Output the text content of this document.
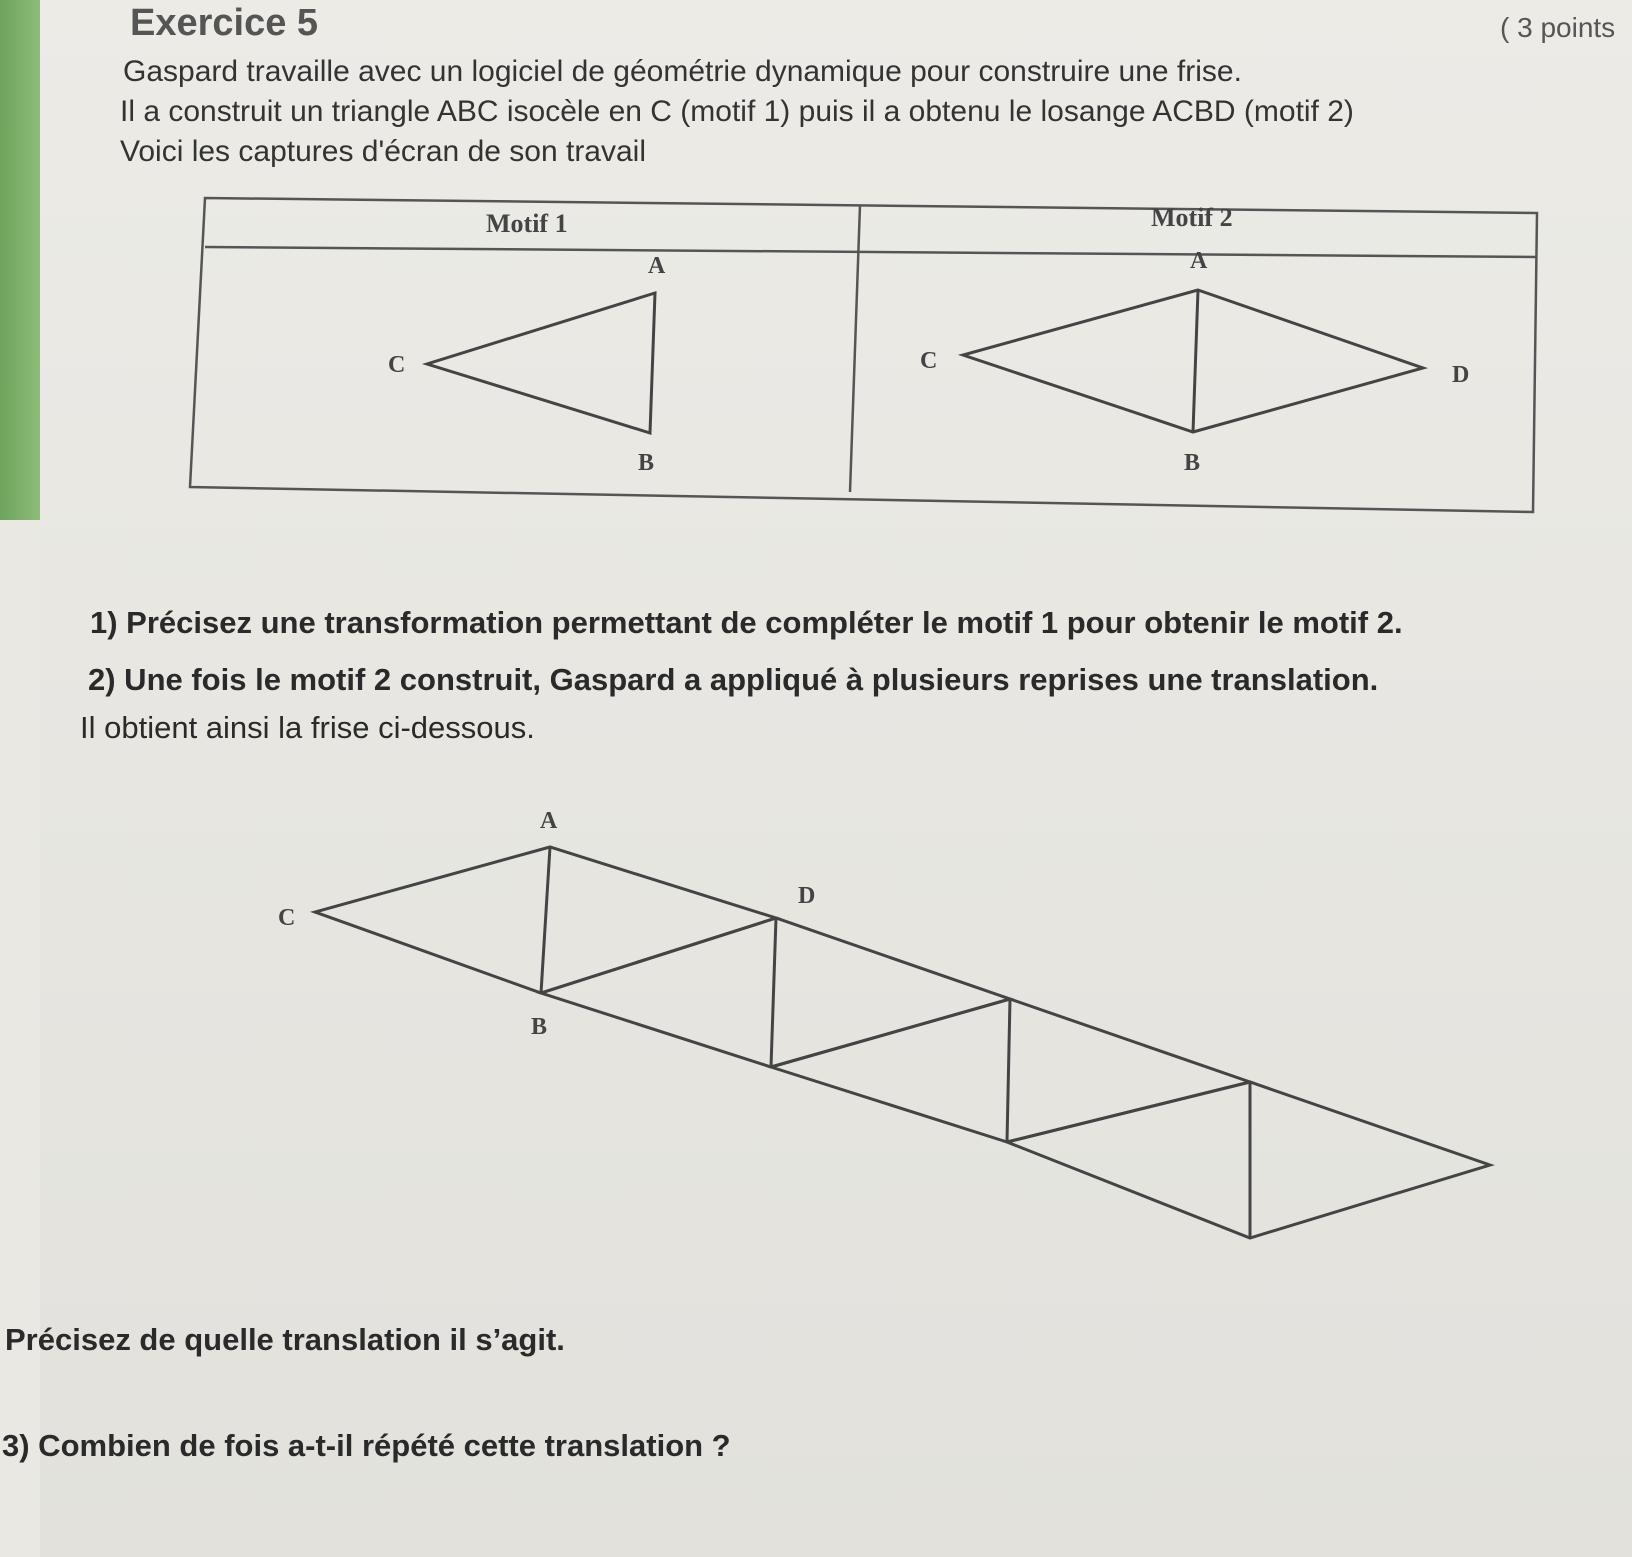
Exercice 5	( 3 points
Gaspard travaille avec un logiciel de géométrie dynamique pour construire une frise.
Il a construit un triangle ABC isocèle en C (motif 1) puis il a obtenu le losange ACBD (motif 2)
Voici les captures d'écran de son travail
Motif 1	Motif 2
A
C
B
A
C
D
B
1) Précisez une transformation permettant de compléter le motif 1 pour obtenir le motif 2.
2) Une fois le motif 2 construit, Gaspard a appliqué à plusieurs reprises une translation.
Il obtient ainsi la frise ci-dessous.
A
C
D
B
Précisez de quelle translation il s’agit.
3) Combien de fois a-t-il répété cette translation ?
